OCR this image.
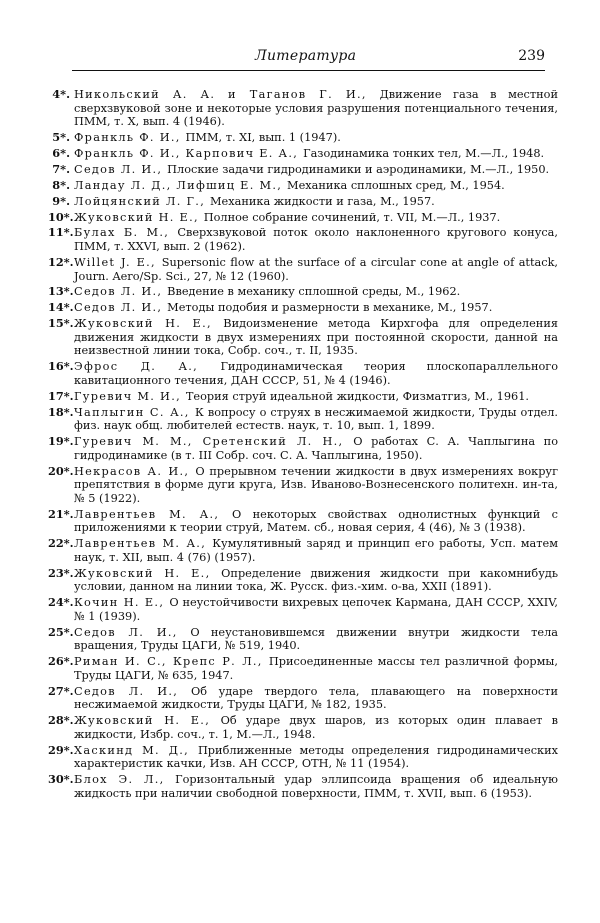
Литература	239
4*. Никольский А. А. и Таганов Г. И., Движение газа в местной сверхзвуковой зоне и некоторые условия разрушения потенциального течения, ПММ, т. X, вып. 4 (1946).
5*. Франкль Ф. И., ПММ, т. XI, вып. 1 (1947).
6*. Франкль Ф. И., Карпович Е. А., Газодинамика тонких тел, М.—Л., 1948.
7*. Седов Л. И., Плоские задачи гидродинамики и аэродинамики, М.—Л., 1950.
8*. Ландау Л. Д., Лифшиц Е. М., Механика сплошных сред, М., 1954.
9*. Лойцянский Л. Г., Механика жидкости и газа, М., 1957.
10*. Жуковский Н. Е., Полное собрание сочинений, т. VII, М.—Л., 1937.
11*. Булах Б. М., Сверхзвуковой поток около наклоненного кругового конуса, ПММ, т. XXVI, вып. 2 (1962).
12*. Willet J. E., Supersonic flow at the surface of a circular cone at angle of attack, Journ. Aero/Sp. Sci., 27, № 12 (1960).
13*. Седов Л. И., Введение в механику сплошной среды, М., 1962.
14*. Седов Л. И., Методы подобия и размерности в механике, М., 1957.
15*. Жуковский Н. Е., Видоизменение метода Кирхгофа для определения движения жидкости в двух измерениях при постоянной скорости, данной на неизвестной линии тока, Собр. соч., т. II, 1935.
16*. Эфрос Д. А., Гидродинамическая теория плоскопараллельного кавитационного течения, ДАН СССР, 51, № 4 (1946).
17*. Гуревич М. И., Теория струй идеальной жидкости, Физматгиз, М., 1961.
18*. Чаплыгин С. А., К вопросу о струях в несжимаемой жидкости, Труды отдел. физ. наук общ. любителей естеств. наук, т. 10, вып. 1, 1899.
19*. Гуревич М. М., Сретенский Л. Н., О работах С. А. Чаплыгина по гидродинамике (в т. III Собр. соч. С. А. Чаплыгина, 1950).
20*. Некрасов А. И., О прерывном течении жидкости в двух измерениях вокруг препятствия в форме дуги круга, Изв. Иваново-Вознесенского политехн. ин-та, № 5 (1922).
21*. Лаврентьев М. А., О некоторых свойствах однолистных функций с приложениями к теории струй, Матем. сб., новая серия, 4 (46), № 3 (1938).
22*. Лаврентьев М. А., Кумулятивный заряд и принцип его работы, Усп. матем наук, т. XII, вып. 4 (76) (1957).
23*. Жуковский Н. Е., Определение движения жидкости при какомнибудь условии, данном на линии тока, Ж. Русск. физ.-хим. о-ва, XXII (1891).
24*. Кочин Н. Е., О неустойчивости вихревых цепочек Кармана, ДАН СССР, XXIV, № 1 (1939).
25*. Седов Л. И., О неустановившемся движении внутри жидкости тела вращения, Труды ЦАГИ, № 519, 1940.
26*. Риман И. С., Крепс Р. Л., Присоединенные массы тел различной формы, Труды ЦАГИ, № 635, 1947.
27*. Седов Л. И., Об ударе твердого тела, плавающего на поверхности несжимаемой жидкости, Труды ЦАГИ, № 182, 1935.
28*. Жуковский Н. Е., Об ударе двух шаров, из которых один плавает в жидкости, Избр. соч., т. 1, М.—Л., 1948.
29*. Хаскинд М. Д., Приближенные методы определения гидродинамических характеристик качки, Изв. АН СССР, ОТН, № 11 (1954).
30*. Блох Э. Л., Горизонтальный удар эллипсоида вращения об идеальную жидкость при наличии свободной поверхности, ПММ, т. XVII, вып. 6 (1953).
